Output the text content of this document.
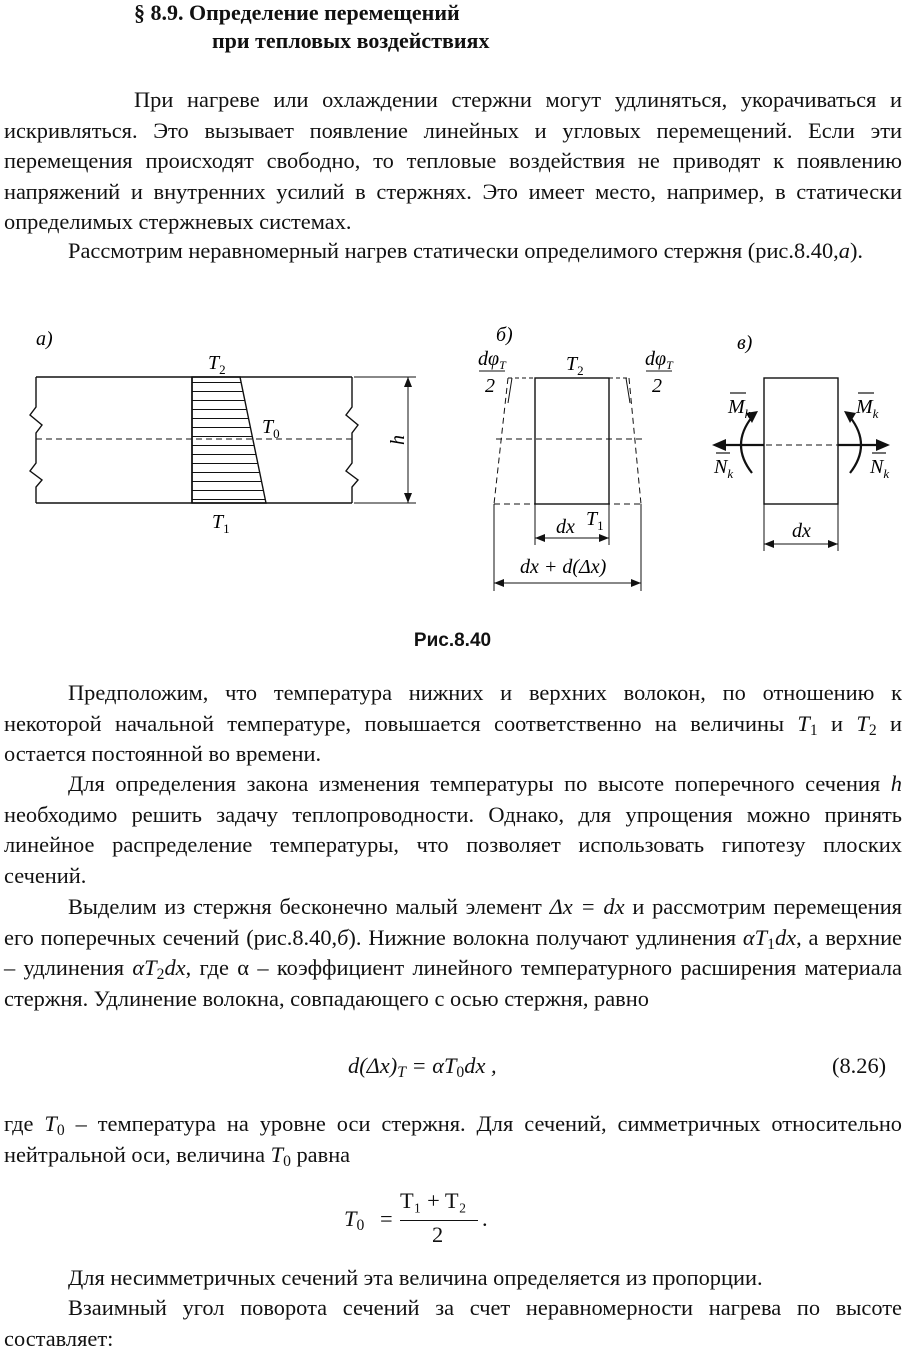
§ 8.9. Определение перемещений
при тепловых воздействиях

При нагреве или охлаждении стержни могут удлиняться, укорачиваться и искривляться. Это вызывает появление линейных и угловых перемещений. Если эти перемещения происходят свободно, то тепловые воздействия не приводят к появлению напряжений и внутренних усилий в стержнях. Это имеет место, например, в статически определимых стержневых системах.

Рассмотрим неравномерный нагрев статически определимого стержня (рис.8.40,а).

а)
$T_2$
$T_0$
$T_1$
h
б)
$d\varphi_T$
2
$d\varphi_T$
2
$T_2$
$T_1$
dx
dx + d(Δx)
в)
$M_k$	$M_k$
$N_k$	$N_k$
dx
Рис.8.40

Предположим, что температура нижних и верхних волокон, по отношению к некоторой начальной температуре, повышается соответственно на величины $T_1$ и $T_2$ и остается постоянной во времени.

Для определения закона изменения температуры по высоте поперечного сечения h необходимо решить задачу теплопроводности. Однако, для упрощения можно принять линейное распределение температуры, что позволяет использовать гипотезу плоских сечений.

Выделим из стержня бесконечно малый элемент Δx = dx и рассмотрим перемещения его поперечных сечений (рис.8.40,б). Нижние волокна получают удлинения $\alpha T_1dx$, а верхние – удлинения $\alpha T_2dx$, где α – коэффициент линейного температурного расширения материала стержня. Удлинение волокна, совпадающего с осью стержня, равно

$d(\Delta x)_T = \alpha T_0dx$ ,	(8.26)

где $T_0$ – температура на уровне оси стержня. Для сечений, симметричных относительно нейтральной оси, величина $T_0$ равна

$T_0$ =
T₁ + T₂
2
.

Для несимметричных сечений эта величина определяется из пропорции.

Взаимный угол поворота сечений за счет неравномерности нагрева по высоте составляет:
